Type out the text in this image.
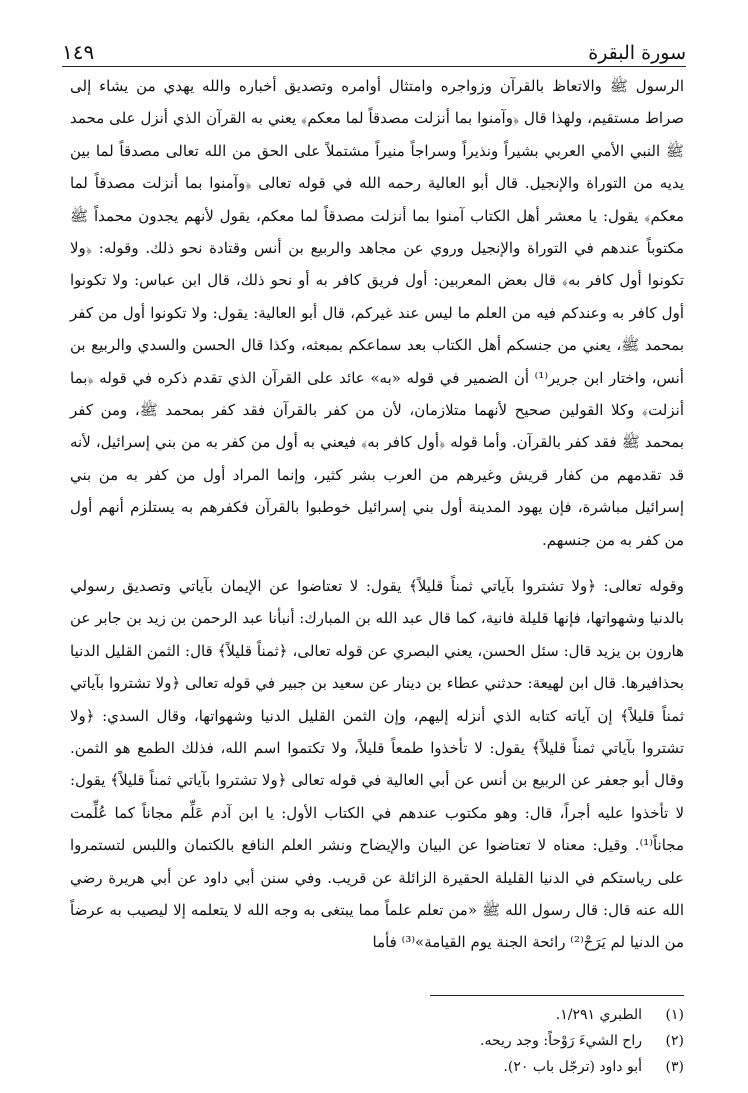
١٤٩	سورة البقرة

الرسول ﷺ والاتعاظ بالقرآن وزواجره وامتثال أوامره وتصديق أخباره والله يهدي من يشاء إلى صراط مستقيم، ولهذا قال ﴿وآمنوا بما أنزلت مصدقاً لما معكم﴾ يعني به القرآن الذي أنزل على محمد ﷺ النبي الأمي العربي بشيراً ونذيراً وسراجاً منيراً مشتملاً على الحق من الله تعالى مصدقاً لما بين يديه من التوراة والإنجيل. قال أبو العالية رحمه الله في قوله تعالى ﴿وآمنوا بما أنزلت مصدقاً لما معكم﴾ يقول: يا معشر أهل الكتاب آمنوا بما أنزلت مصدقاً لما معكم، يقول لأنهم يجدون محمداً ﷺ مكتوباً عندهم في التوراة والإنجيل وروي عن مجاهد والربيع بن أنس وقتادة نحو ذلك. وقوله: ﴿ولا تكونوا أول كافر به﴾ قال بعض المعربين: أول فريق كافر به أو نحو ذلك، قال ابن عباس: ولا تكونوا أول كافر به وعندكم فيه من العلم ما ليس عند غيركم، قال أبو العالية: يقول: ولا تكونوا أول من كفر بمحمد ﷺ، يعني من جنسكم أهل الكتاب بعد سماعكم بمبعثه، وكذا قال الحسن والسدي والربيع بن أنس، واختار ابن جرير⁽¹⁾ أن الضمير في قوله «به» عائد على القرآن الذي تقدم ذكره في قوله ﴿بما أنزلت﴾ وكلا القولين صحيح لأنهما متلازمان، لأن من كفر بالقرآن فقد كفر بمحمد ﷺ، ومن كفر بمحمد ﷺ فقد كفر بالقرآن. وأما قوله ﴿أول كافر به﴾ فيعني به أول من كفر به من بني إسرائيل، لأنه قد تقدمهم من كفار قريش وغيرهم من العرب بشر كثير، وإنما المراد أول من كفر به من بني إسرائيل مباشرة، فإن يهود المدينة أول بني إسرائيل خوطبوا بالقرآن فكفرهم به يستلزم أنهم أول من كفر به من جنسهم.

وقوله تعالى: ﴿ولا تشتروا بآياتي ثمناً قليلاً﴾ يقول: لا تعتاضوا عن الإيمان بآياتي وتصديق رسولي بالدنيا وشهواتها، فإنها قليلة فانية، كما قال عبد الله بن المبارك: أنبأنا عبد الرحمن بن زيد بن جابر عن هارون بن يزيد قال: سئل الحسن، يعني البصري عن قوله تعالى، ﴿ثمناً قليلاً﴾ قال: الثمن القليل الدنيا بحذافيرها. قال ابن لهيعة: حدثني عطاء بن دينار عن سعيد بن جبير في قوله تعالى ﴿ولا تشتروا بآياتي ثمناً قليلاً﴾ إن آياته كتابه الذي أنزله إليهم، وإن الثمن القليل الدنيا وشهواتها، وقال السدي: ﴿ولا تشتروا بآياتي ثمناً قليلاً﴾ يقول: لا تأخذوا طمعاً قليلاً، ولا تكتموا اسم الله، فذلك الطمع هو الثمن. وقال أبو جعفر عن الربيع بن أنس عن أبي العالية في قوله تعالى ﴿ولا تشتروا بآياتي ثمناً قليلاً﴾ يقول: لا تأخذوا عليه أجراً، قال: وهو مكتوب عندهم في الكتاب الأول: يا ابن آدم عَلِّم مجاناً كما عُلِّمت مجاناً⁽¹⁾. وقيل: معناه لا تعتاضوا عن البيان والإيضاح ونشر العلم النافع بالكتمان واللبس لتستمروا على رياستكم في الدنيا القليلة الحقيرة الزائلة عن قريب. وفي سنن أبي داود عن أبي هريرة رضي الله عنه قال: قال رسول الله ﷺ «من تعلم علماً مما يبتغى به وجه الله لا يتعلمه إلا ليصيب به عرضاً من الدنيا لم يَرَحْ⁽²⁾ رائحة الجنة يوم القيامة»⁽³⁾ فأما

(١)
الطبري ١/٢٩١.
(٢)
راح الشيءَ رَوْحاً: وجد ريحه.
(٣)
أبو داود (ترجّل باب ٢٠).
